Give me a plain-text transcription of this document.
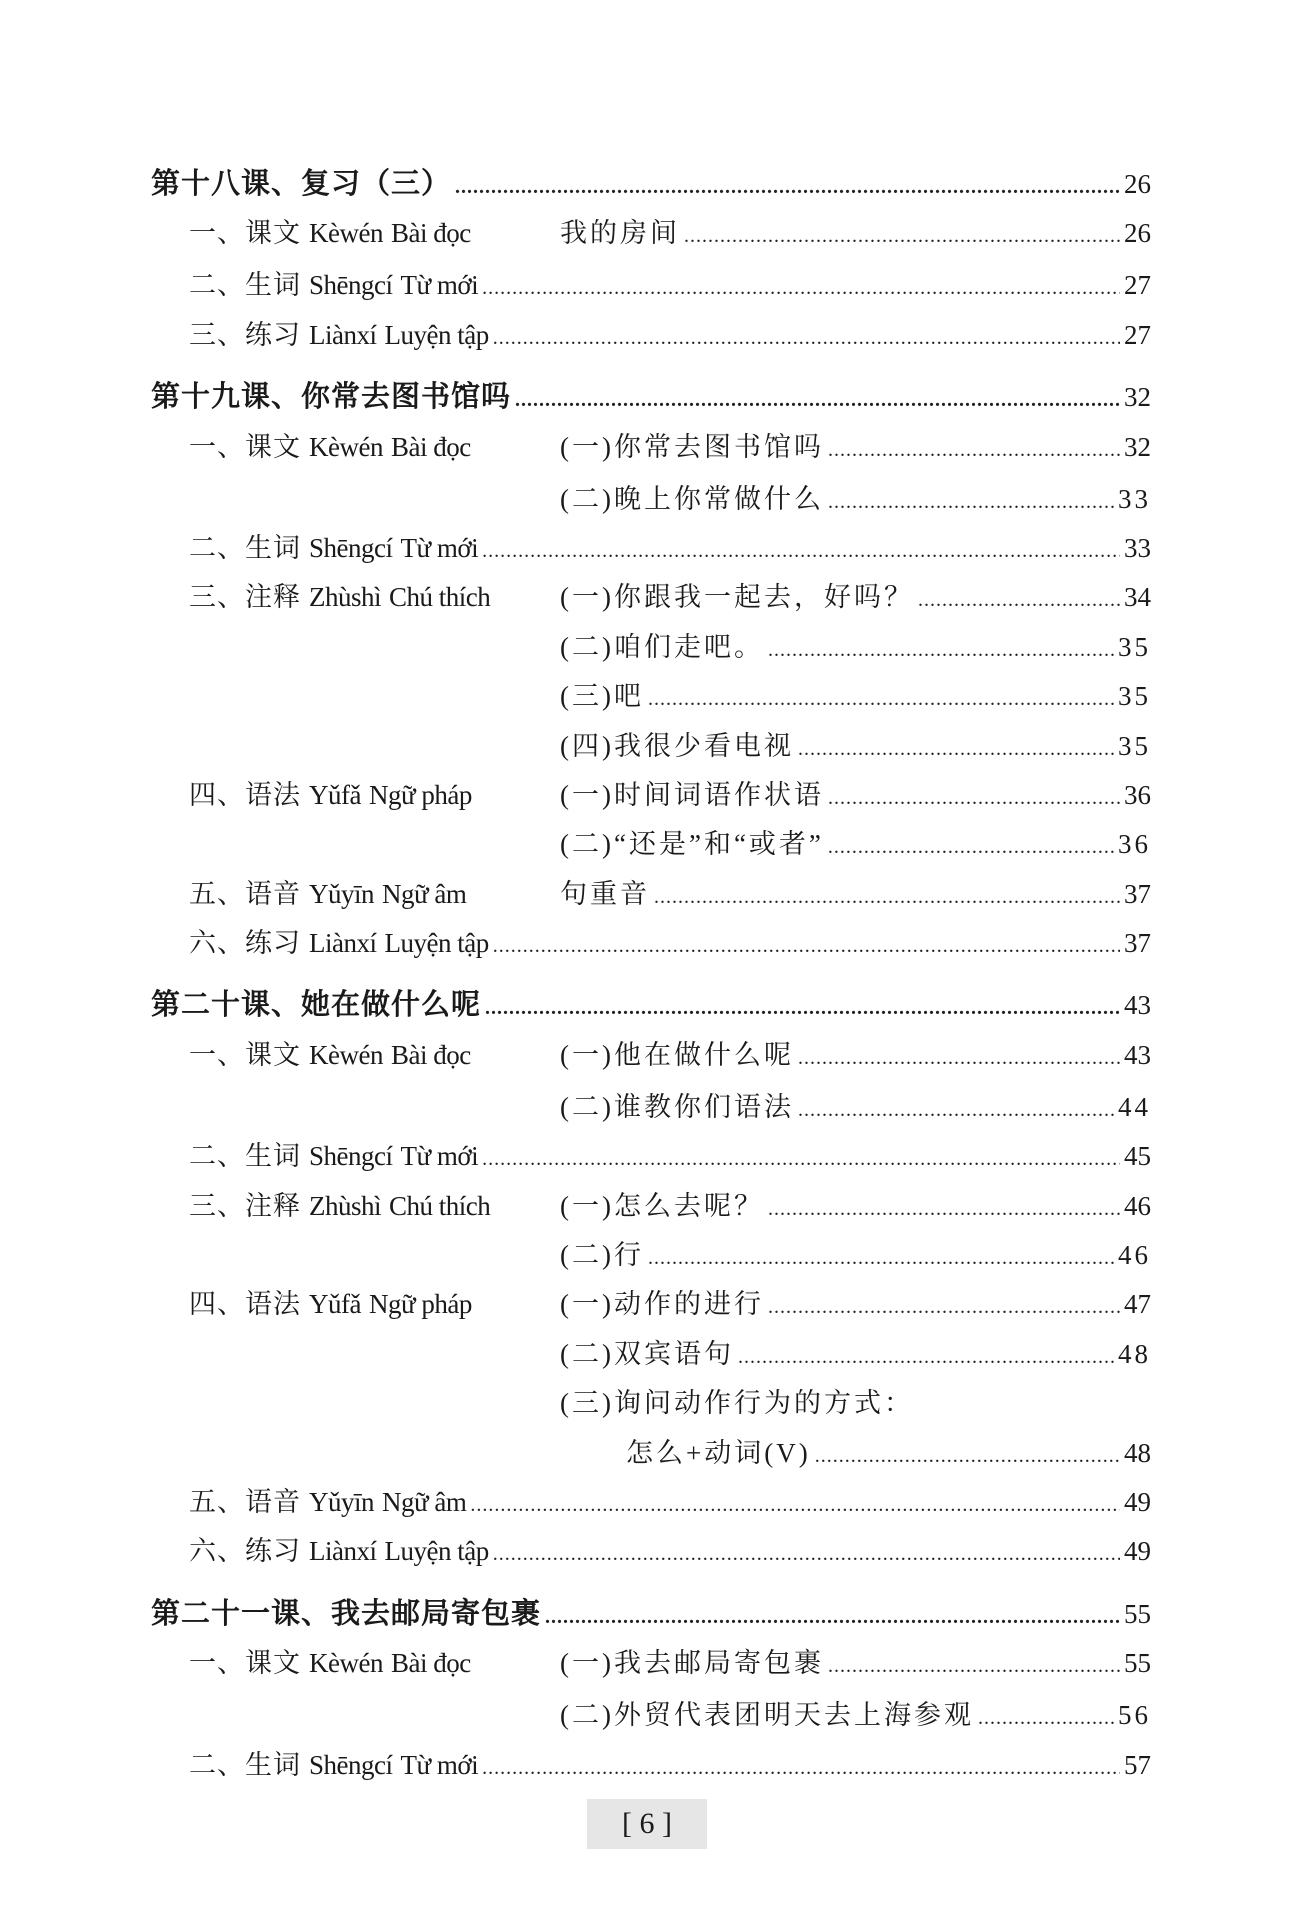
第十八课、复习（三） .....	26
一、课文 Kèwén Bài đọc	我的房间 .....	26
二、生词 Shēngcí Từ mới .....	27
三、练习 Liànxí Luyện tập .....	27
第十九课、你常去图书馆吗 .....	32
一、课文 Kèwén Bài đọc	(一)你常去图书馆吗 .....	32
(二)晚上你常做什么 .....	33
二、生词 Shēngcí Từ mới .....	33
三、注释 Zhùshì Chú thích	(一)你跟我一起去，好吗？ .....	34
(二)咱们走吧。 .....	35
(三)吧 .....	35
(四)我很少看电视 .....	35
四、语法 Yǔfǎ Ngữ pháp	(一)时间词语作状语 .....	36
(二)“还是”和“或者” .....	36
五、语音 Yǔyīn Ngữ âm	句重音 .....	37
六、练习 Liànxí Luyện tập .....	37
第二十课、她在做什么呢 .....	43
一、课文 Kèwén Bài đọc	(一)他在做什么呢 .....	43
(二)谁教你们语法 .....	44
二、生词 Shēngcí Từ mới .....	45
三、注释 Zhùshì Chú thích	(一)怎么去呢？ .....	46
(二)行 .....	46
四、语法 Yǔfǎ Ngữ pháp	(一)动作的进行 .....	47
(二)双宾语句 .....	48
(三)询问动作行为的方式：
怎么+动词(V) .....	48
五、语音 Yǔyīn Ngữ âm .....	49
六、练习 Liànxí Luyện tập .....	49
第二十一课、我去邮局寄包裹 .....	55
一、课文 Kèwén Bài đọc	(一)我去邮局寄包裹 .....	55
(二)外贸代表团明天去上海参观 .....	56
二、生词 Shēngcí Từ mới .....	57
[ 6 ]
